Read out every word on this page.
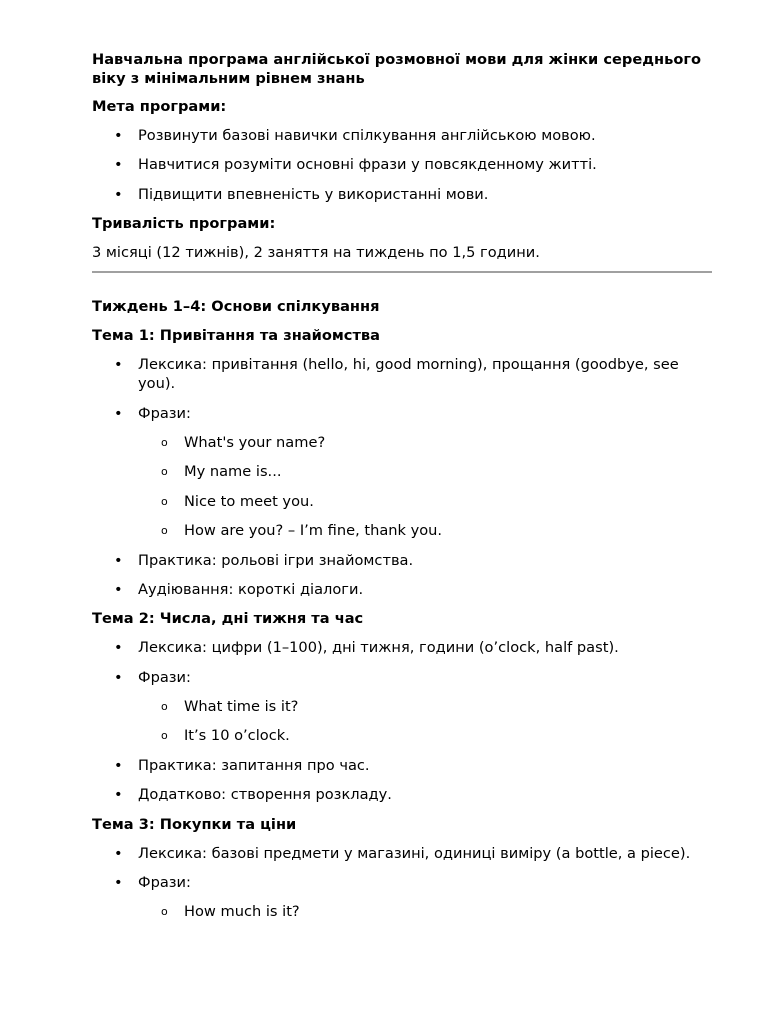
Навчальна програма англійської розмовної мови для жінки середнього віку з мінімальним рівнем знань
Мета програми:
• Розвинути базові навички спілкування англійською мовою.
• Навчитися розуміти основні фрази у повсякденному житті.
• Підвищити впевненість у використанні мови.
Тривалість програми:
3 місяці (12 тижнів), 2 заняття на тиждень по 1,5 години.
Тиждень 1–4: Основи спілкування
Тема 1: Привітання та знайомства
• Лексика: привітання (hello, hi, good morning), прощання (goodbye, see you).
• Фрази:
o What's your name?
o My name is...
o Nice to meet you.
o How are you? – I’m fine, thank you.
• Практика: рольові ігри знайомства.
• Аудіювання: короткі діалоги.
Тема 2: Числа, дні тижня та час
• Лексика: цифри (1–100), дні тижня, години (o’clock, half past).
• Фрази:
o What time is it?
o It’s 10 o’clock.
• Практика: запитання про час.
• Додатково: створення розкладу.
Тема 3: Покупки та ціни
• Лексика: базові предмети у магазині, одиниці виміру (a bottle, a piece).
• Фрази:
o How much is it?
